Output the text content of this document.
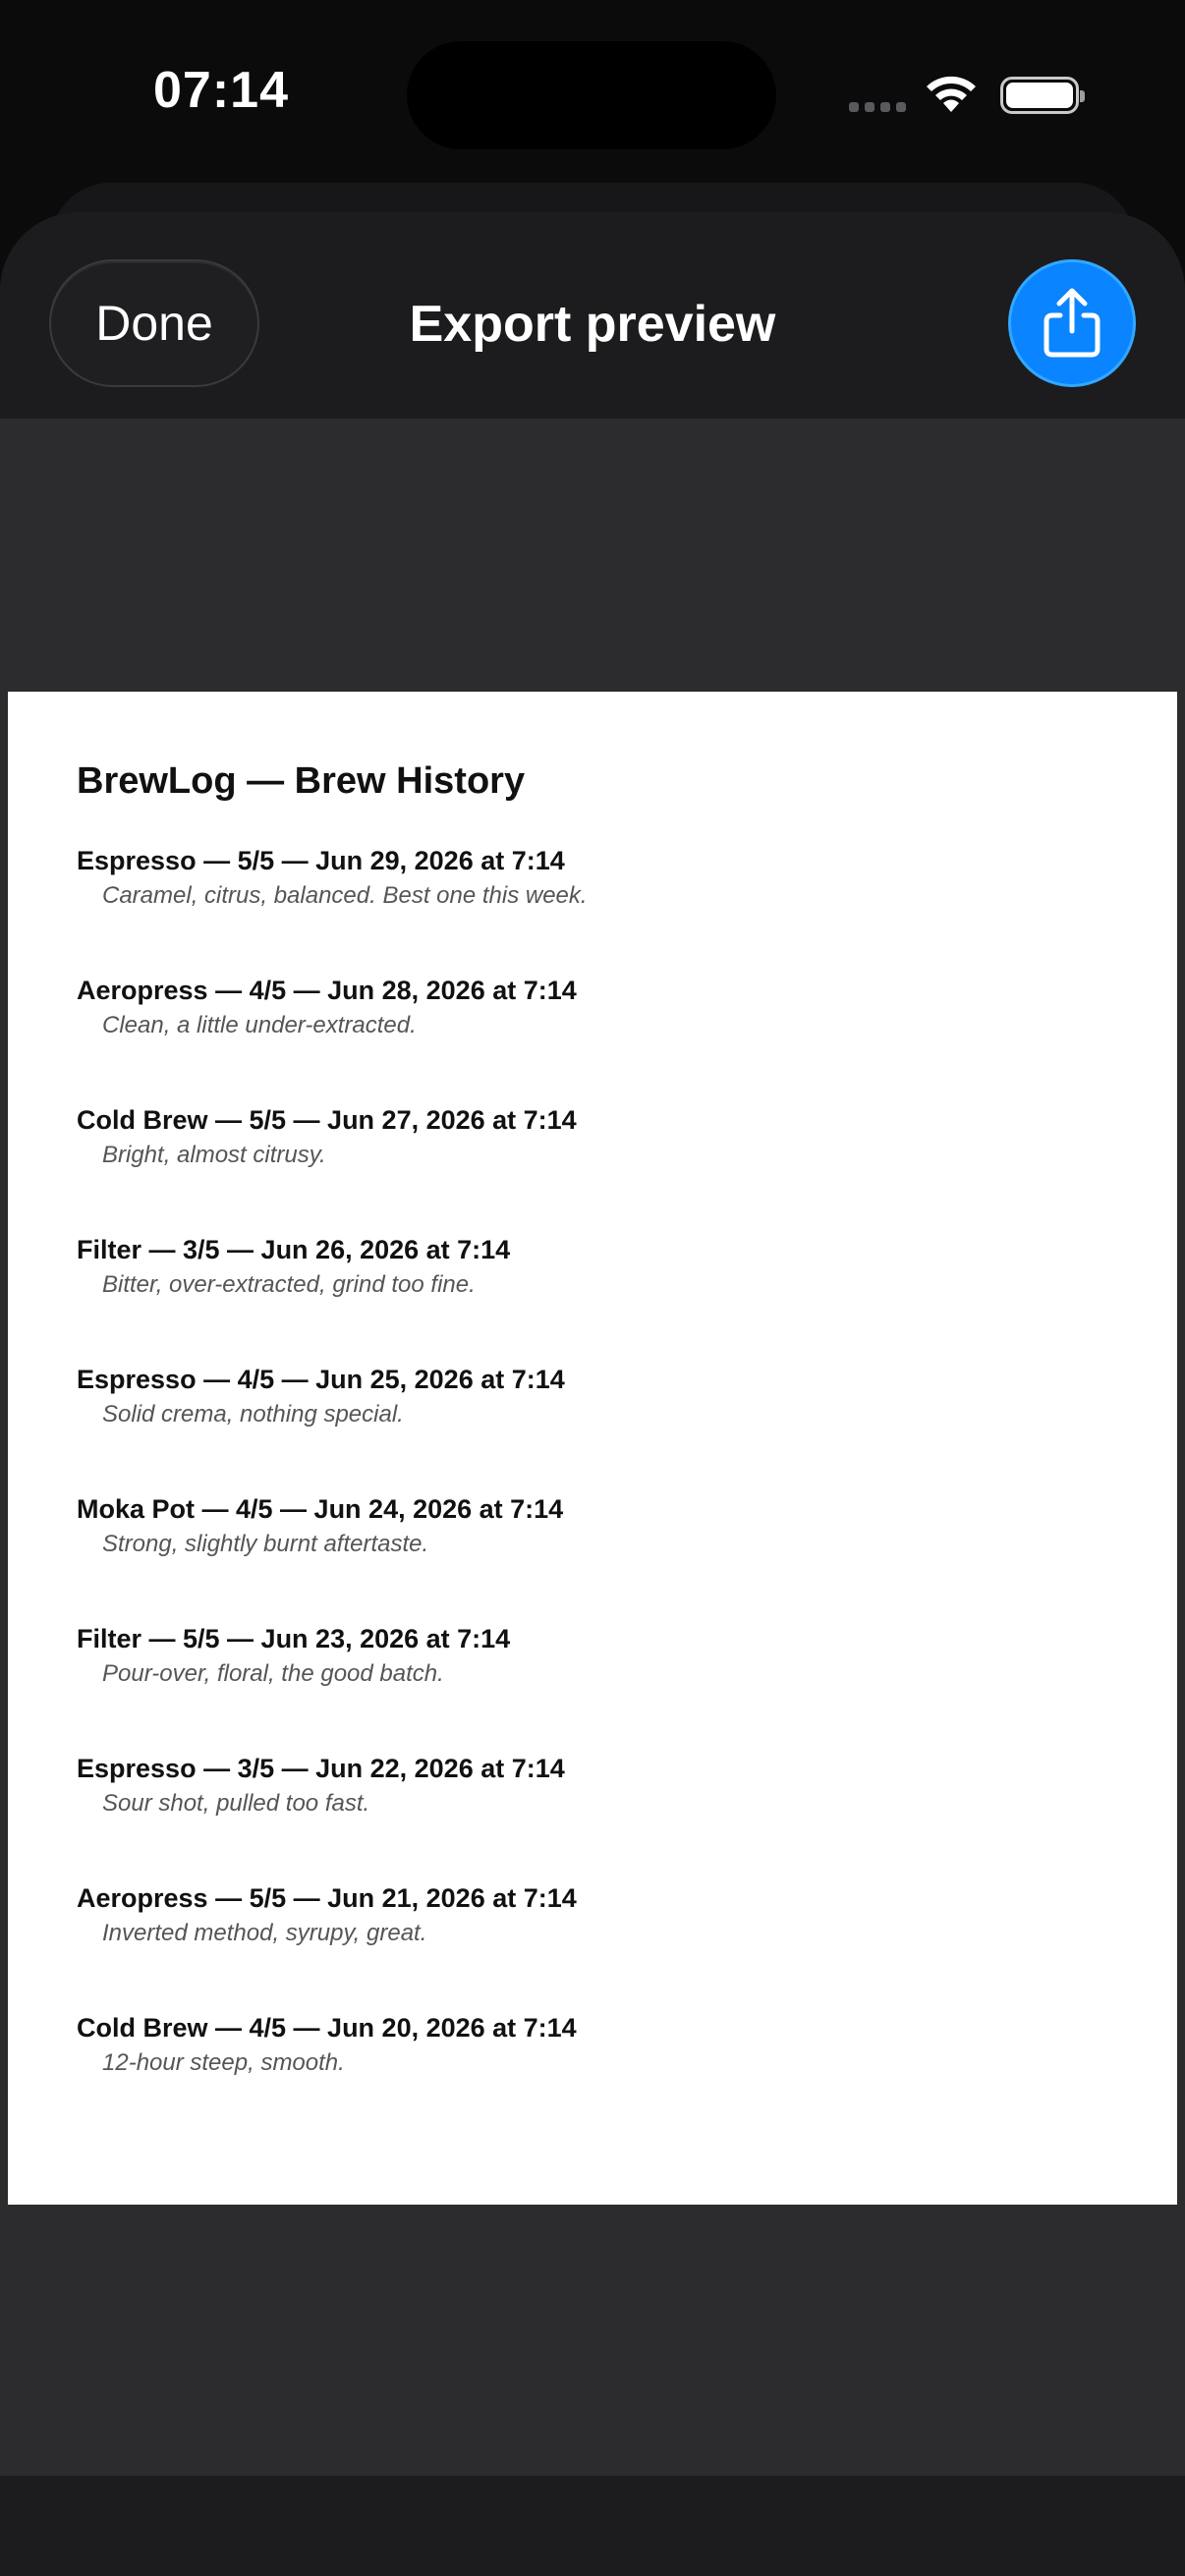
07:14
Done	Export preview
BrewLog — Brew History
Espresso — 5/5 — Jun 29, 2026 at 7:14
Caramel, citrus, balanced. Best one this week.
Aeropress — 4/5 — Jun 28, 2026 at 7:14
Clean, a little under-extracted.
Cold Brew — 5/5 — Jun 27, 2026 at 7:14
Bright, almost citrusy.
Filter — 3/5 — Jun 26, 2026 at 7:14
Bitter, over-extracted, grind too fine.
Espresso — 4/5 — Jun 25, 2026 at 7:14
Solid crema, nothing special.
Moka Pot — 4/5 — Jun 24, 2026 at 7:14
Strong, slightly burnt aftertaste.
Filter — 5/5 — Jun 23, 2026 at 7:14
Pour-over, floral, the good batch.
Espresso — 3/5 — Jun 22, 2026 at 7:14
Sour shot, pulled too fast.
Aeropress — 5/5 — Jun 21, 2026 at 7:14
Inverted method, syrupy, great.
Cold Brew — 4/5 — Jun 20, 2026 at 7:14
12-hour steep, smooth.
